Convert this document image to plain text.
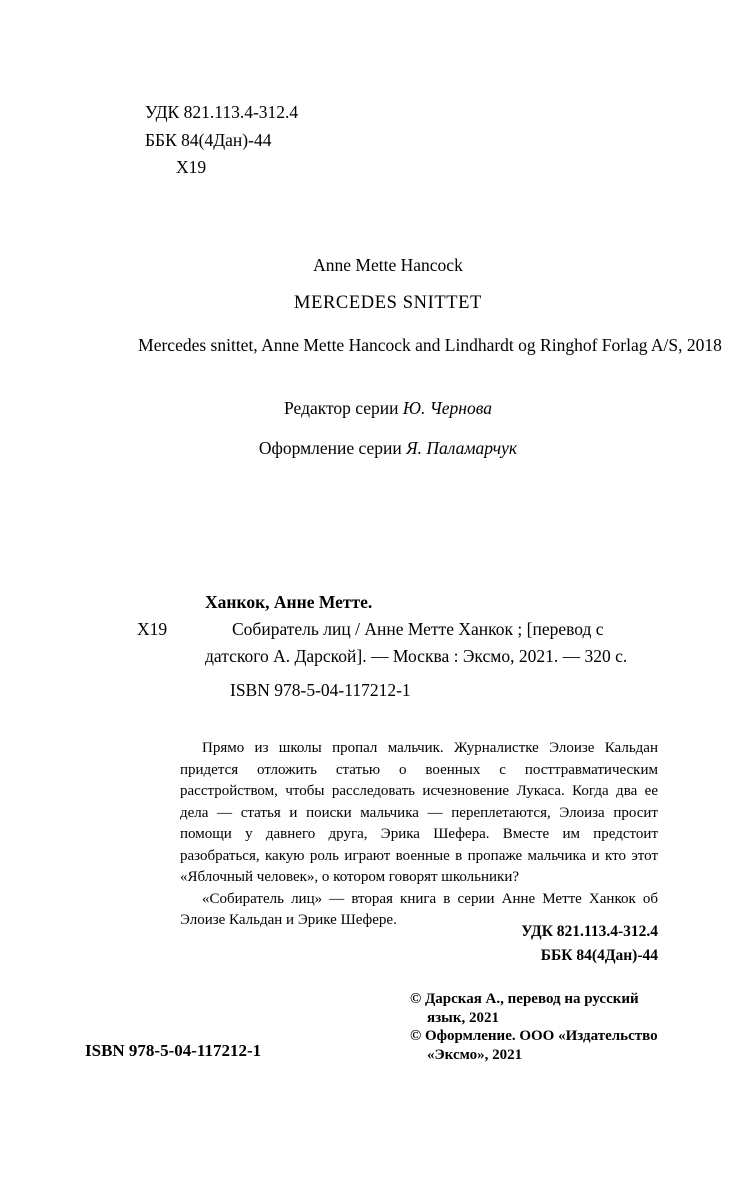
УДК 821.113.4-312.4
ББК 84(4Дан)-44
Х19
Anne Mette Hancock
MERCEDES SNITTET
Mercedes snittet, Anne Mette Hancock and Lindhardt og Ringhof Forlag A/S, 2018
Редактор серии Ю. Чернова
Оформление серии Я. Паламарчук
Ханкок, Анне Метте.
Х19	Собиратель лиц / Анне Метте Ханкок ; [перевод с датского А. Дарской]. — Москва : Эксмо, 2021. — 320 с.

ISBN 978-5-04-117212-1

Прямо из школы пропал мальчик. Журналистке Элоизе Кальдан придется отложить статью о военных с посттравматическим расстройством, чтобы расследовать исчезновение Лукаса. Когда два ее дела — статья и поиски мальчика — переплетаются, Элоиза просит помощи у давнего друга, Эрика Шефера. Вместе им предстоит разобраться, какую роль играют военные в пропаже мальчика и кто этот «Яблочный человек», о котором говорят школьники?

«Собиратель лиц» — вторая книга в серии Анне Метте Ханкок об Элоизе Кальдан и Эрике Шефере.

УДК 821.113.4-312.4
ББК 84(4Дан)-44
© Дарская А., перевод на русский язык, 2021
© Оформление. ООО «Издательство «Эксмо», 2021
ISBN 978-5-04-117212-1
